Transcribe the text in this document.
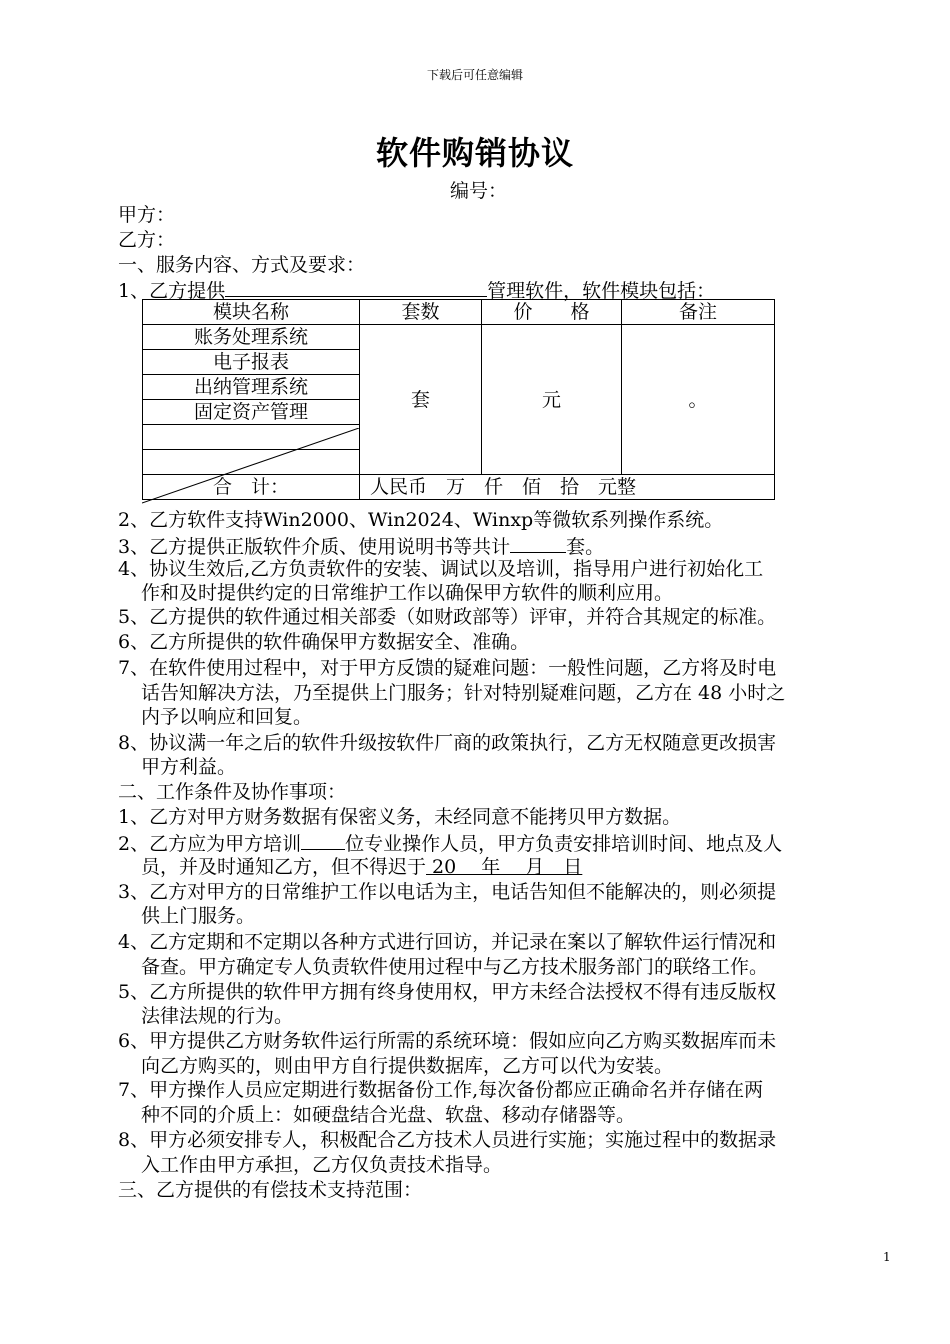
下载后可任意编辑
软件购销协议
编号：
甲方：
乙方：
一、服务内容、方式及要求：
1、乙方提供	管理软件，软件模块包括：
模块名称	套数	价　　格	备注
账务处理系统	套	元	。
电子报表			
出纳管理系统			
固定资产管理			

合　计：	人民币　万　仟　佰　拾　元整		
2、乙方软件支持Win2000、Win2024、Winxp等微软系列操作系统。
3、乙方提供正版软件介质、使用说明书等共计	套。
4、协议生效后,乙方负责软件的安装、调试以及培训，指导用户进行初始化工
作和及时提供约定的日常维护工作以确保甲方软件的顺利应用。
5、乙方提供的软件通过相关部委（如财政部等）评审，并符合其规定的标准。
6、乙方所提供的软件确保甲方数据安全、准确。
7、在软件使用过程中，对于甲方反馈的疑难问题：一般性问题，乙方将及时电
话告知解决方法，乃至提供上门服务；针对特别疑难问题，乙方在 48 小时之
内予以响应和回复。
8、协议满一年之后的软件升级按软件厂商的政策执行，乙方无权随意更改损害
甲方利益。
二、工作条件及协作事项：
1、乙方对甲方财务数据有保密义务，未经同意不能拷贝甲方数据。
2、乙方应为甲方培训 位专业操作人员，甲方负责安排培训时间、地点及人
员，并及时通知乙方，但不得迟于 20　 年　 月　日
3、乙方对甲方的日常维护工作以电话为主，电话告知但不能解决的，则必须提
供上门服务。
4、乙方定期和不定期以各种方式进行回访，并记录在案以了解软件运行情况和
备查。甲方确定专人负责软件使用过程中与乙方技术服务部门的联络工作。
5、乙方所提供的软件甲方拥有终身使用权，甲方未经合法授权不得有违反版权
法律法规的行为。
6、甲方提供乙方财务软件运行所需的系统环境：假如应向乙方购买数据库而未
向乙方购买的，则由甲方自行提供数据库，乙方可以代为安装。
7、甲方操作人员应定期进行数据备份工作,每次备份都应正确命名并存储在两
种不同的介质上：如硬盘结合光盘、软盘、移动存储器等。
8、甲方必须安排专人，积极配合乙方技术人员进行实施；实施过程中的数据录
入工作由甲方承担，乙方仅负责技术指导。
三、乙方提供的有偿技术支持范围：
1
